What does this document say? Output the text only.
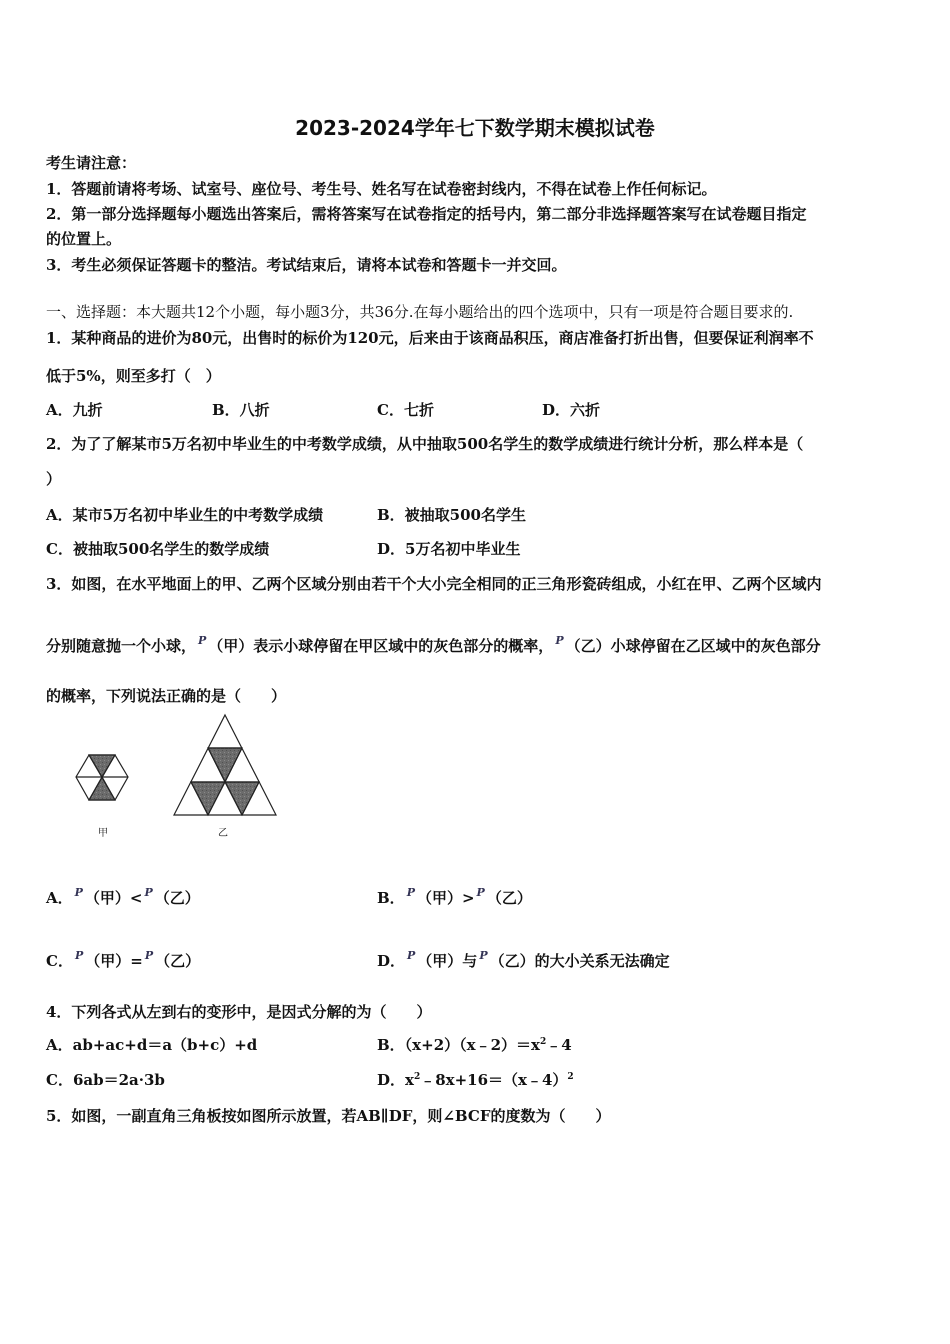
2023-2024学年七下数学期末模拟试卷
考生请注意：
1．答题前请将考场、试室号、座位号、考生号、姓名写在试卷密封线内，不得在试卷上作任何标记。
2．第一部分选择题每小题选出答案后，需将答案写在试卷指定的括号内，第二部分非选择题答案写在试卷题目指定
的位置上。
3．考生必须保证答题卡的整洁。考试结束后，请将本试卷和答题卡一并交回。
一、选择题：本大题共12个小题，每小题3分，共36分.在每小题给出的四个选项中，只有一项是符合题目要求的.
1．某种商品的进价为80元，出售时的标价为120元，后来由于该商品积压，商店准备打折出售，但要保证利润率不
低于5%，则至多打（　）
A．九折	B．八折	C．七折	D．六折
2．为了了解某市5万名初中毕业生的中考数学成绩，从中抽取500名学生的数学成绩进行统计分析，那么样本是（
）
A．某市5万名初中毕业生的中考数学成绩	B．被抽取500名学生
C．被抽取500名学生的数学成绩	D．5万名初中毕业生
3．如图，在水平地面上的甲、乙两个区域分别由若干个大小完全相同的正三角形瓷砖组成，小红在甲、乙两个区域内
分别随意抛一个小球， $^P$ （甲）表示小球停留在甲区域中的灰色部分的概率， $^P$ （乙）小球停留在乙区域中的灰色部分
的概率，下列说法正确的是（　　）
甲	乙
A． $^P$ （甲）< $^P$ （乙）	B． $^P$ （甲）> $^P$ （乙）
C． $^P$ （甲）= $^P$ （乙）	D． $^P$ （甲）与 $^P$ （乙）的大小关系无法确定
4．下列各式从左到右的变形中，是因式分解的为（　　）
A．ab+ac+d＝a（b+c）+d	B．$(x+2)(x﹣2)=x^2﹣4$
C．6ab＝2a·3b	D．$x^2﹣8x+16=(x﹣4)^2$
5．如图，一副直角三角板按如图所示放置，若AB∥DF，则∠BCF的度数为（　　）
